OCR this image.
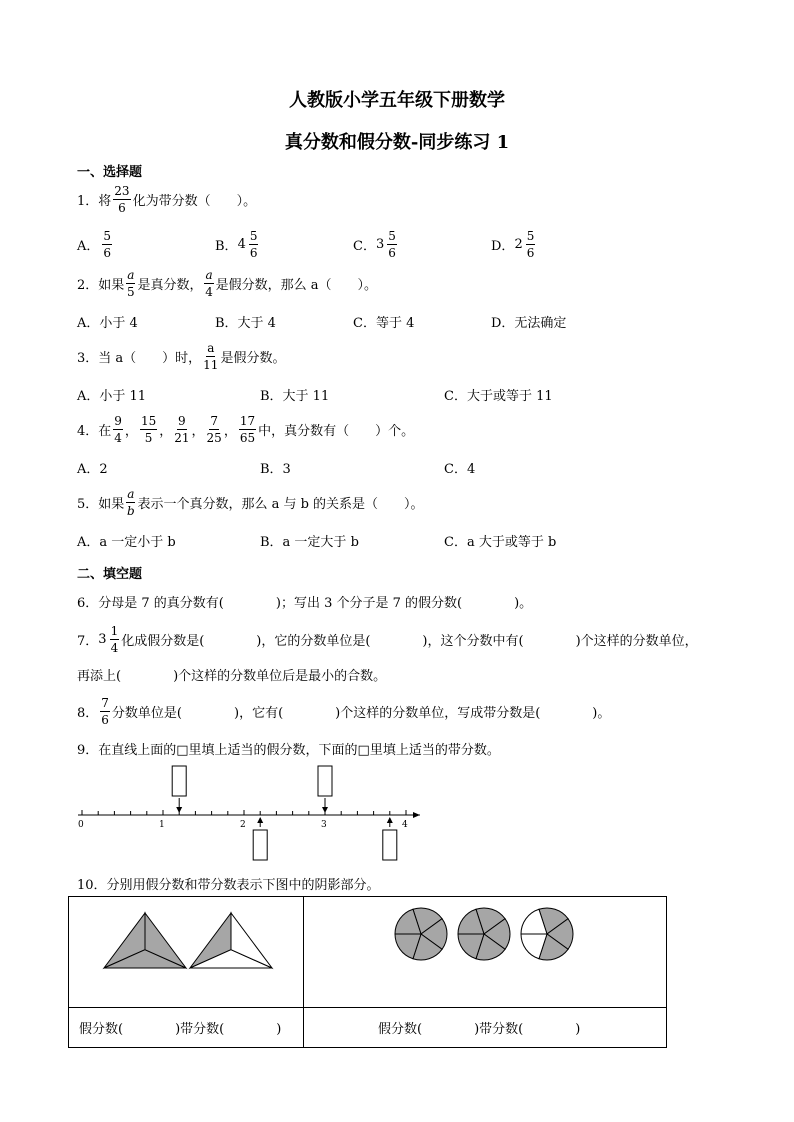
人教版小学五年级下册数学
真分数和假分数-同步练习 1
一、选择题
1．将 $\frac{23}{6}$ 化为带分数（　　）。
A． $\frac{5}{6}$	B． $4 \frac{5}{6}$	C． $3 \frac{5}{6}$	D． $2 \frac{5}{6}$
2．如果 $\frac{a}{5}$ 是真分数， $\frac{a}{4}$ 是假分数，那么 a（　　）。
A．小于 4	B．大于 4	C．等于 4	D．无法确定
3．当 a（　　）时， $\frac{a}{11}$ 是假分数。
A．小于 11	B．大于 11	C．大于或等于 11
4．在 $\frac{9}{4}$ ， $\frac{15}{5}$ ， $\frac{9}{21}$ ， $\frac{7}{25}$ ， $\frac{17}{65}$ 中，真分数有（　　）个。
A．2	B．3	C．4
5．如果 $\frac{a}{b}$ 表示一个真分数，那么 a 与 b 的关系是（　　）。
A．a 一定小于 b	B．a 一定大于 b	C．a 大于或等于 b
二、填空题
6．分母是 7 的真分数有(　　　　)；写出 3 个分子是 7 的假分数(　　　　)。
7． $3 \frac{1}{4}$ 化成假分数是(　　　　)，它的分数单位是(　　　　)，这个分数中有(　　　　)个这样的分数单位，
再添上(　　　　)个这样的分数单位后是最小的合数。
8． $\frac{7}{6}$ 分数单位是(　　　　)，它有(　　　　)个这样的分数单位，写成带分数是(　　　　)。
9．在直线上面的□里填上适当的假分数，下面的□里填上适当的带分数。
0	1	2	3	4
10．分别用假分数和带分数表示下图中的阴影部分。

假分数(　　　　)带分数(　　　　)	假分数(　　　　)带分数(　　　　)
